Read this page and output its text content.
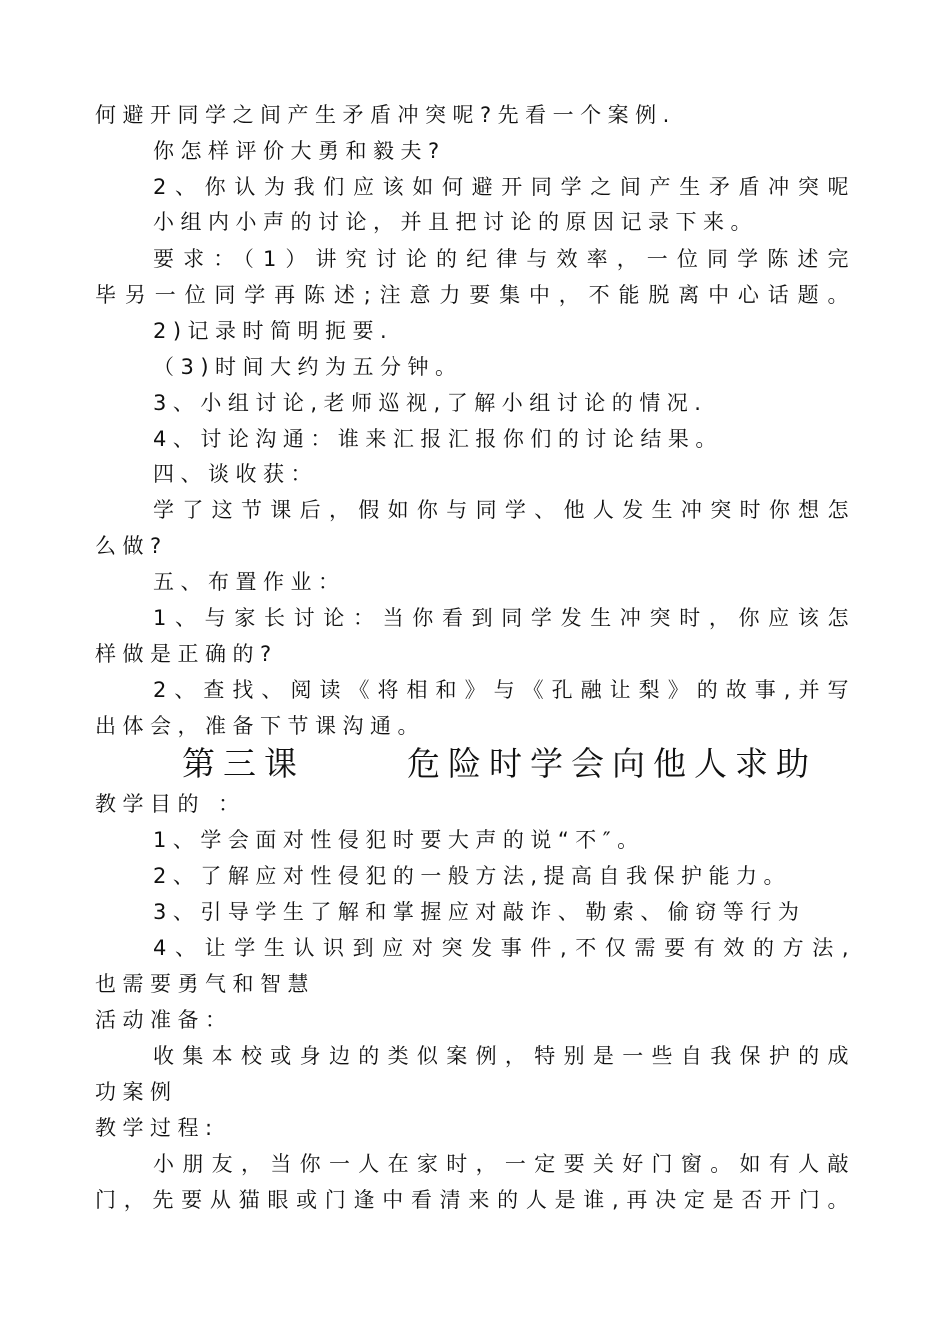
何避开同学之间产生矛盾冲突呢?先看一个案例.
你怎样评价大勇和毅夫?
2、你认为我们应该如何避开同学之间产生矛盾冲突呢
小组内小声的讨论，并且把讨论的原因记录下来。
要求：（1）讲究讨论的纪律与效率，一位同学陈述完
毕另一位同学再陈述;注意力要集中，不能脱离中心话题。
2)记录时简明扼要.
（3)时间大约为五分钟。
3、小组讨论,老师巡视,了解小组讨论的情况.
4、讨论沟通：谁来汇报汇报你们的讨论结果。
四、谈收获：
学了这节课后，假如你与同学、他人发生冲突时你想怎
么做?
五、布置作业：
1、与家长讨论：当你看到同学发生冲突时，你应该怎
样做是正确的?
2、查找、阅读《将相和》与《孔融让梨》的故事,并写
出体会，准备下节课沟通。
第三课	危险时学会向他人求助
教学目的 ：
1、学会面对性侵犯时要大声的说“不″。
2、了解应对性侵犯的一般方法,提高自我保护能力。
3、引导学生了解和掌握应对敲诈、勒索、偷窃等行为
4、让学生认识到应对突发事件,不仅需要有效的方法,
也需要勇气和智慧
活动准备：
收集本校或身边的类似案例，特别是一些自我保护的成
功案例
教学过程:
小朋友，当你一人在家时，一定要关好门窗。如有人敲
门，先要从猫眼或门逢中看清来的人是谁,再决定是否开门。
